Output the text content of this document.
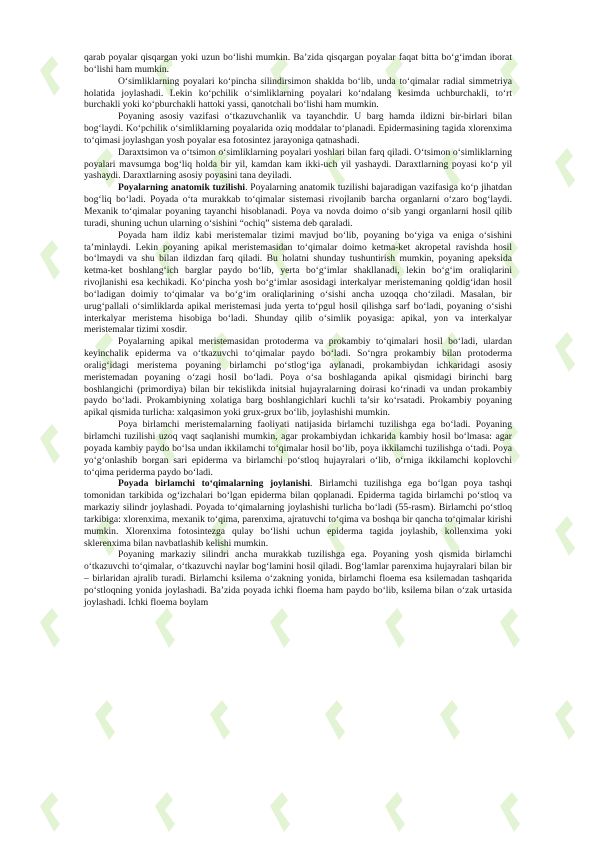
qarab poyalar qisqargan yoki uzun bo‘lishi mumkin. Ba’zida qisqargan poyalar faqat bitta bo‘g‘imdan iborat bo‘lishi ham mumkin.

O‘simliklarning poyalari ko‘pincha silindirsimon shaklda bo‘lib, unda to‘qimalar radial simmetriya holatida joylashadi. Lekin ko‘pchilik o‘simliklarning poyalari ko‘ndalang kesimda uchburchakli, to‘rt burchakli yoki ko‘pburchakli hattoki yassi, qanotchali bo‘lishi ham mumkin.

Poyaning asosiy vazifasi o‘tkazuvchanlik va tayanchdir. U barg hamda ildizni bir-birlari bilan bog‘laydi. Ko‘pchilik o‘simliklarning poyalarida oziq moddalar to‘planadi. Epidermasining tagida xlorenxima to‘qimasi joylashgan yosh poyalar esa fotosintez jarayoniga qatnashadi.

Daraxtsimon va o‘tsimon o‘simliklarning poyalari yoshlari bilan farq qiladi. O‘tsimon o‘simliklarning poyalari mavsumga bog‘liq holda bir yil, kamdan kam ikki-uch yil yashaydi. Daraxtlarning poyasi ko‘p yil yashaydi. Daraxtlarning asosiy poyasini tana deyiladi.

Poyalarning anatomik tuzilishi. Poyalarning anatomik tuzilishi bajaradigan vazifasiga ko‘p jihatdan bog‘liq bo‘ladi. Poyada o‘ta murakkab to‘qimalar sistemasi rivojlanib barcha organlarni o‘zaro bog‘laydi. Mexanik to‘qimalar poyaning tayanchi hisoblanadi. Poya va novda doimo o‘sib yangi organlarni hosil qilib turadi, shuning uchun ularning o‘sishini “ochiq” sistema deb qaraladi.

Poyada ham ildiz kabi meristemalar tizimi mavjud bo‘lib, poyaning bo‘yiga va eniga o‘sishini ta’minlaydi. Lekin poyaning apikal meristemasidan to‘qimalar doimo ketma-ket akropetal ravishda hosil bo‘lmaydi va shu bilan ildizdan farq qiladi. Bu holatni shunday tushuntirish mumkin, poyaning apeksida ketma-ket boshlang‘ich barglar paydo bo‘lib, yerta bo‘g‘imlar shakllanadi, lekin bo‘g‘im oraliqlarini rivojlanishi esa kechikadi. Ko‘pincha yosh bo‘g‘imlar asosidagi interkalyar meristemaning qoldig‘idan hosil bo‘ladigan doimiy to‘qimalar va bo‘g‘im oraliqlarining o‘sishi ancha uzoqqa cho‘ziladi. Masalan, bir urug‘pallali o‘simliklarda apikal meristemasi juda yerta to‘pgul hosil qilishga sarf bo‘ladi, poyaning o‘sishi interkalyar meristema hisobiga bo‘ladi. Shunday qilib o‘simlik poyasiga: apikal, yon va interkalyar meristemalar tizimi xosdir.

Poyalarning apikal meristemasidan protoderma va prokambiy to‘qimalari hosil bo‘ladi, ulardan keyinchalik epiderma va o‘tkazuvchi to‘qimalar paydo bo‘ladi. So‘ngra prokambiy bilan protoderma oralig‘idagi meristema poyaning birlamchi po‘stlog‘iga aylanadi, prokambiydan ichkaridagi asosiy meristemadan poyaning o‘zagi hosil bo‘ladi. Poya o‘sa boshlaganda apikal qismidagi birinchi barg boshlangichi (primordiya) bilan bir tekislikda initsial hujayralarning doirasi ko‘rinadi va undan prokambiy paydo bo‘ladi. Prokambiyning xolatiga barg boshlangichlari kuchli ta’sir ko‘rsatadi. Prokambiy poyaning apikal qismida turlicha: xalqasimon yoki grux-grux bo‘lib, joylashishi mumkin.

Poya birlamchi meristemalarning faoliyati natijasida birlamchi tuzilishga ega bo‘ladi. Poyaning birlamchi tuzilishi uzoq vaqt saqlanishi mumkin, agar prokambiydan ichkarida kambiy hosil bo‘lmasa: agar poyada kambiy paydo bo‘lsa undan ikkilamchi to‘qimalar hosil bo‘lib, poya ikkilamchi tuzilishga o‘tadi. Poya yo‘g‘onlashib borgan sari epiderma va birlamchi po‘stloq hujayralari o‘lib, o‘rniga ikkilamchi koplovchi to‘qima periderma paydo bo‘ladi.

Poyada birlamchi to‘qimalarning joylanishi. Birlamchi tuzilishga ega bo‘lgan poya tashqi tomonidan tarkibida og‘izchalari bo‘lgan epiderma bilan qoplanadi. Epiderma tagida birlamchi po‘stloq va markaziy silindr joylashadi. Poyada to‘qimalarning joylashishi turlicha bo‘ladi (55-rasm). Birlamchi po‘stloq tarkibiga: xlorenxima, mexanik to‘qima, parenxima, ajratuvchi to‘qima va boshqa bir qancha to‘qimalar kirishi mumkin. Xlorenxima fotosintezga qulay bo‘lishi uchun epiderma tagida joylashib, kollenxima yoki sklerenxima bilan navbatlashib kelishi mumkin.

Poyaning markaziy silindri ancha murakkab tuzilishga ega. Poyaning yosh qismida birlamchi o‘tkazuvchi to‘qimalar, o‘tkazuvchi naylar bog‘lamini hosil qiladi. Bog‘lamlar parenxima hujayralari bilan bir – birlaridan ajralib turadi. Birlamchi ksilema o‘zakning yonida, birlamchi floema esa ksilemadan tashqarida po‘stloqning yonida joylashadi. Ba’zida poyada ichki floema ham paydo bo‘lib, ksilema bilan o‘zak urtasida joylashadi. Ichki floema boylam
